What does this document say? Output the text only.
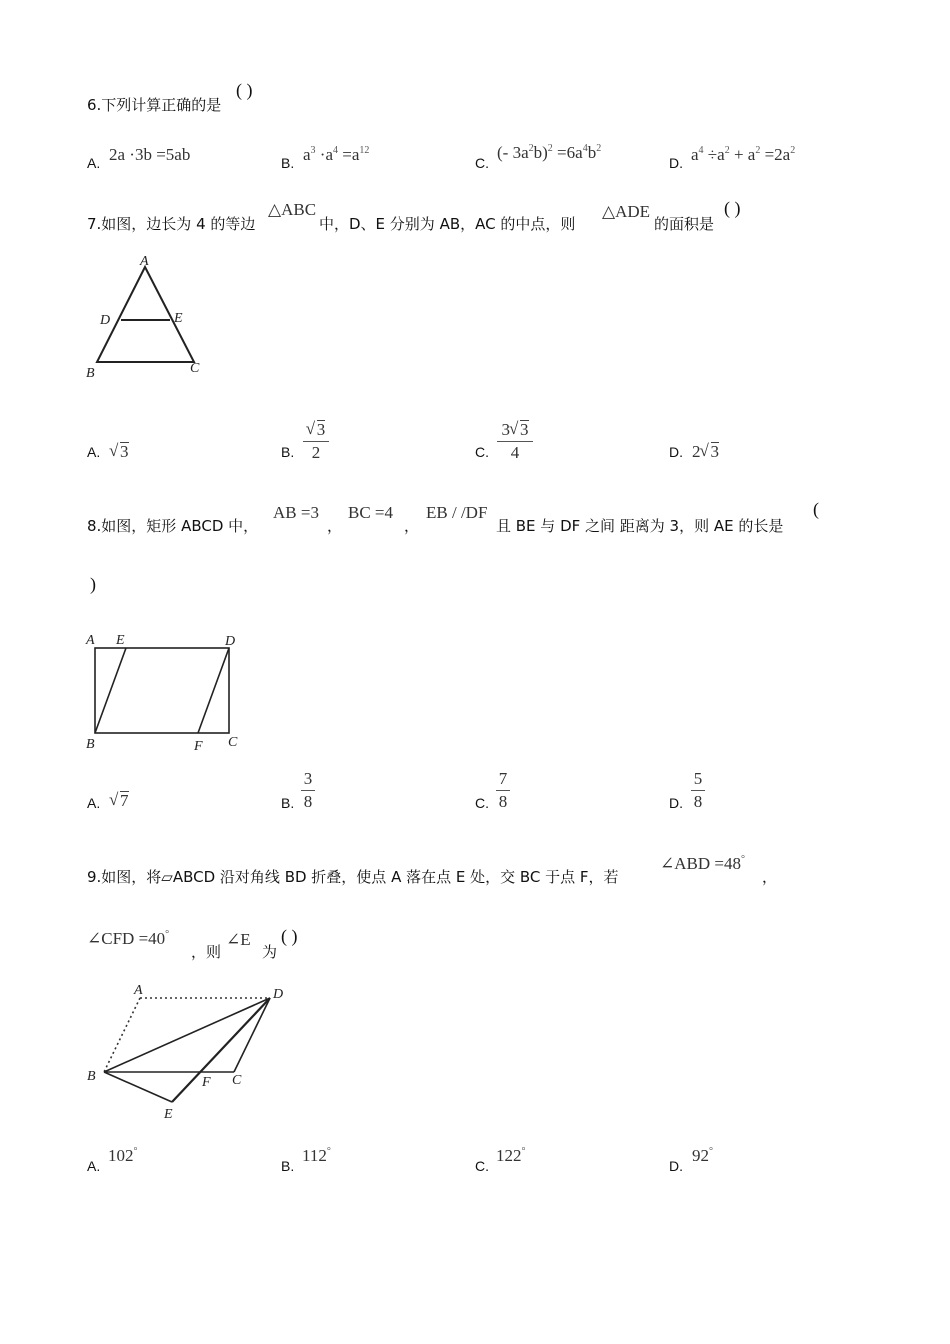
6.下列计算正确的是
( )
A. 2a ·3b =5ab	B. $a^3 \cdot a^4 =a^{12}$
C.
(- $3a^2b)^2 =6a^4b^2$
D. $a^4 \div a^2 + a^2 =2a^2$
7.如图，边长为 4 的等边
△ABC
中，D、E 分别为 AB，AC 的中点，则
△ADE
的面积是
( )
A
D	E
B	C
A.	√ 3	B.
√ 3
2	C.
3 √ 3
4	D. 2 √ 3
8.如图，矩形 ABCD 中，
AB =3
，
BC =4
，
EB / /DF
且 BE 与 DF 之间 距离为 3，则 AE 的长是
(
)
A E	D
B	F C
A.	√ 7	B.
3
8	C.
7
8	D.
5
8
9.如图，将▱ABCD 沿对角线 BD 折叠，使点 A 落在点 E 处，交 BC 于点 F，若
∠ABD =48°
，
∠CFD =40°
，则
∠E
为
( )
A	D
B	F C
E
A.
102°
B.
112°
C.
122°
D.
92°
